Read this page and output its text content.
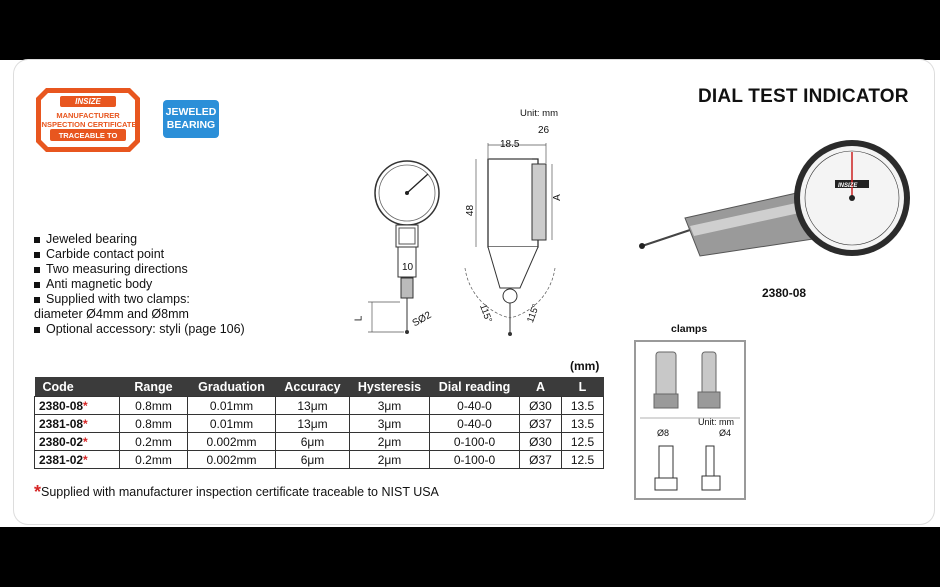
INSIZE
MANUFACTURER
INSPECTION CERTIFICATE
TRACEABLE TO NIST
JEWELED
BEARING
DIAL TEST INDICATOR
Unit: mm
26
18.5
48
A
10
L	SØ2	115°	115°
Jeweled bearing
Carbide contact point
Two measuring directions
Anti magnetic body
Supplied with two clamps:
diameter Ø4mm and Ø8mm
Optional accessory: styli (page 106)
(mm)
Code	Range	Graduation	Accuracy	Hysteresis	Dial reading	A	L
2380-08*	0.8mm	0.01mm	13μm	3μm	0-40-0	Ø30	13.5
2381-08*	0.8mm	0.01mm	13μm	3μm	0-40-0	Ø37	13.5
2380-02*	0.2mm	0.002mm	6μm	2μm	0-100-0	Ø30	12.5
2381-02*	0.2mm	0.002mm	6μm	2μm	0-100-0	Ø37	12.5
*Supplied with manufacturer inspection certificate traceable to NIST USA
INSIZE
2380-08
clamps
Unit: mm
Ø8	Ø4
